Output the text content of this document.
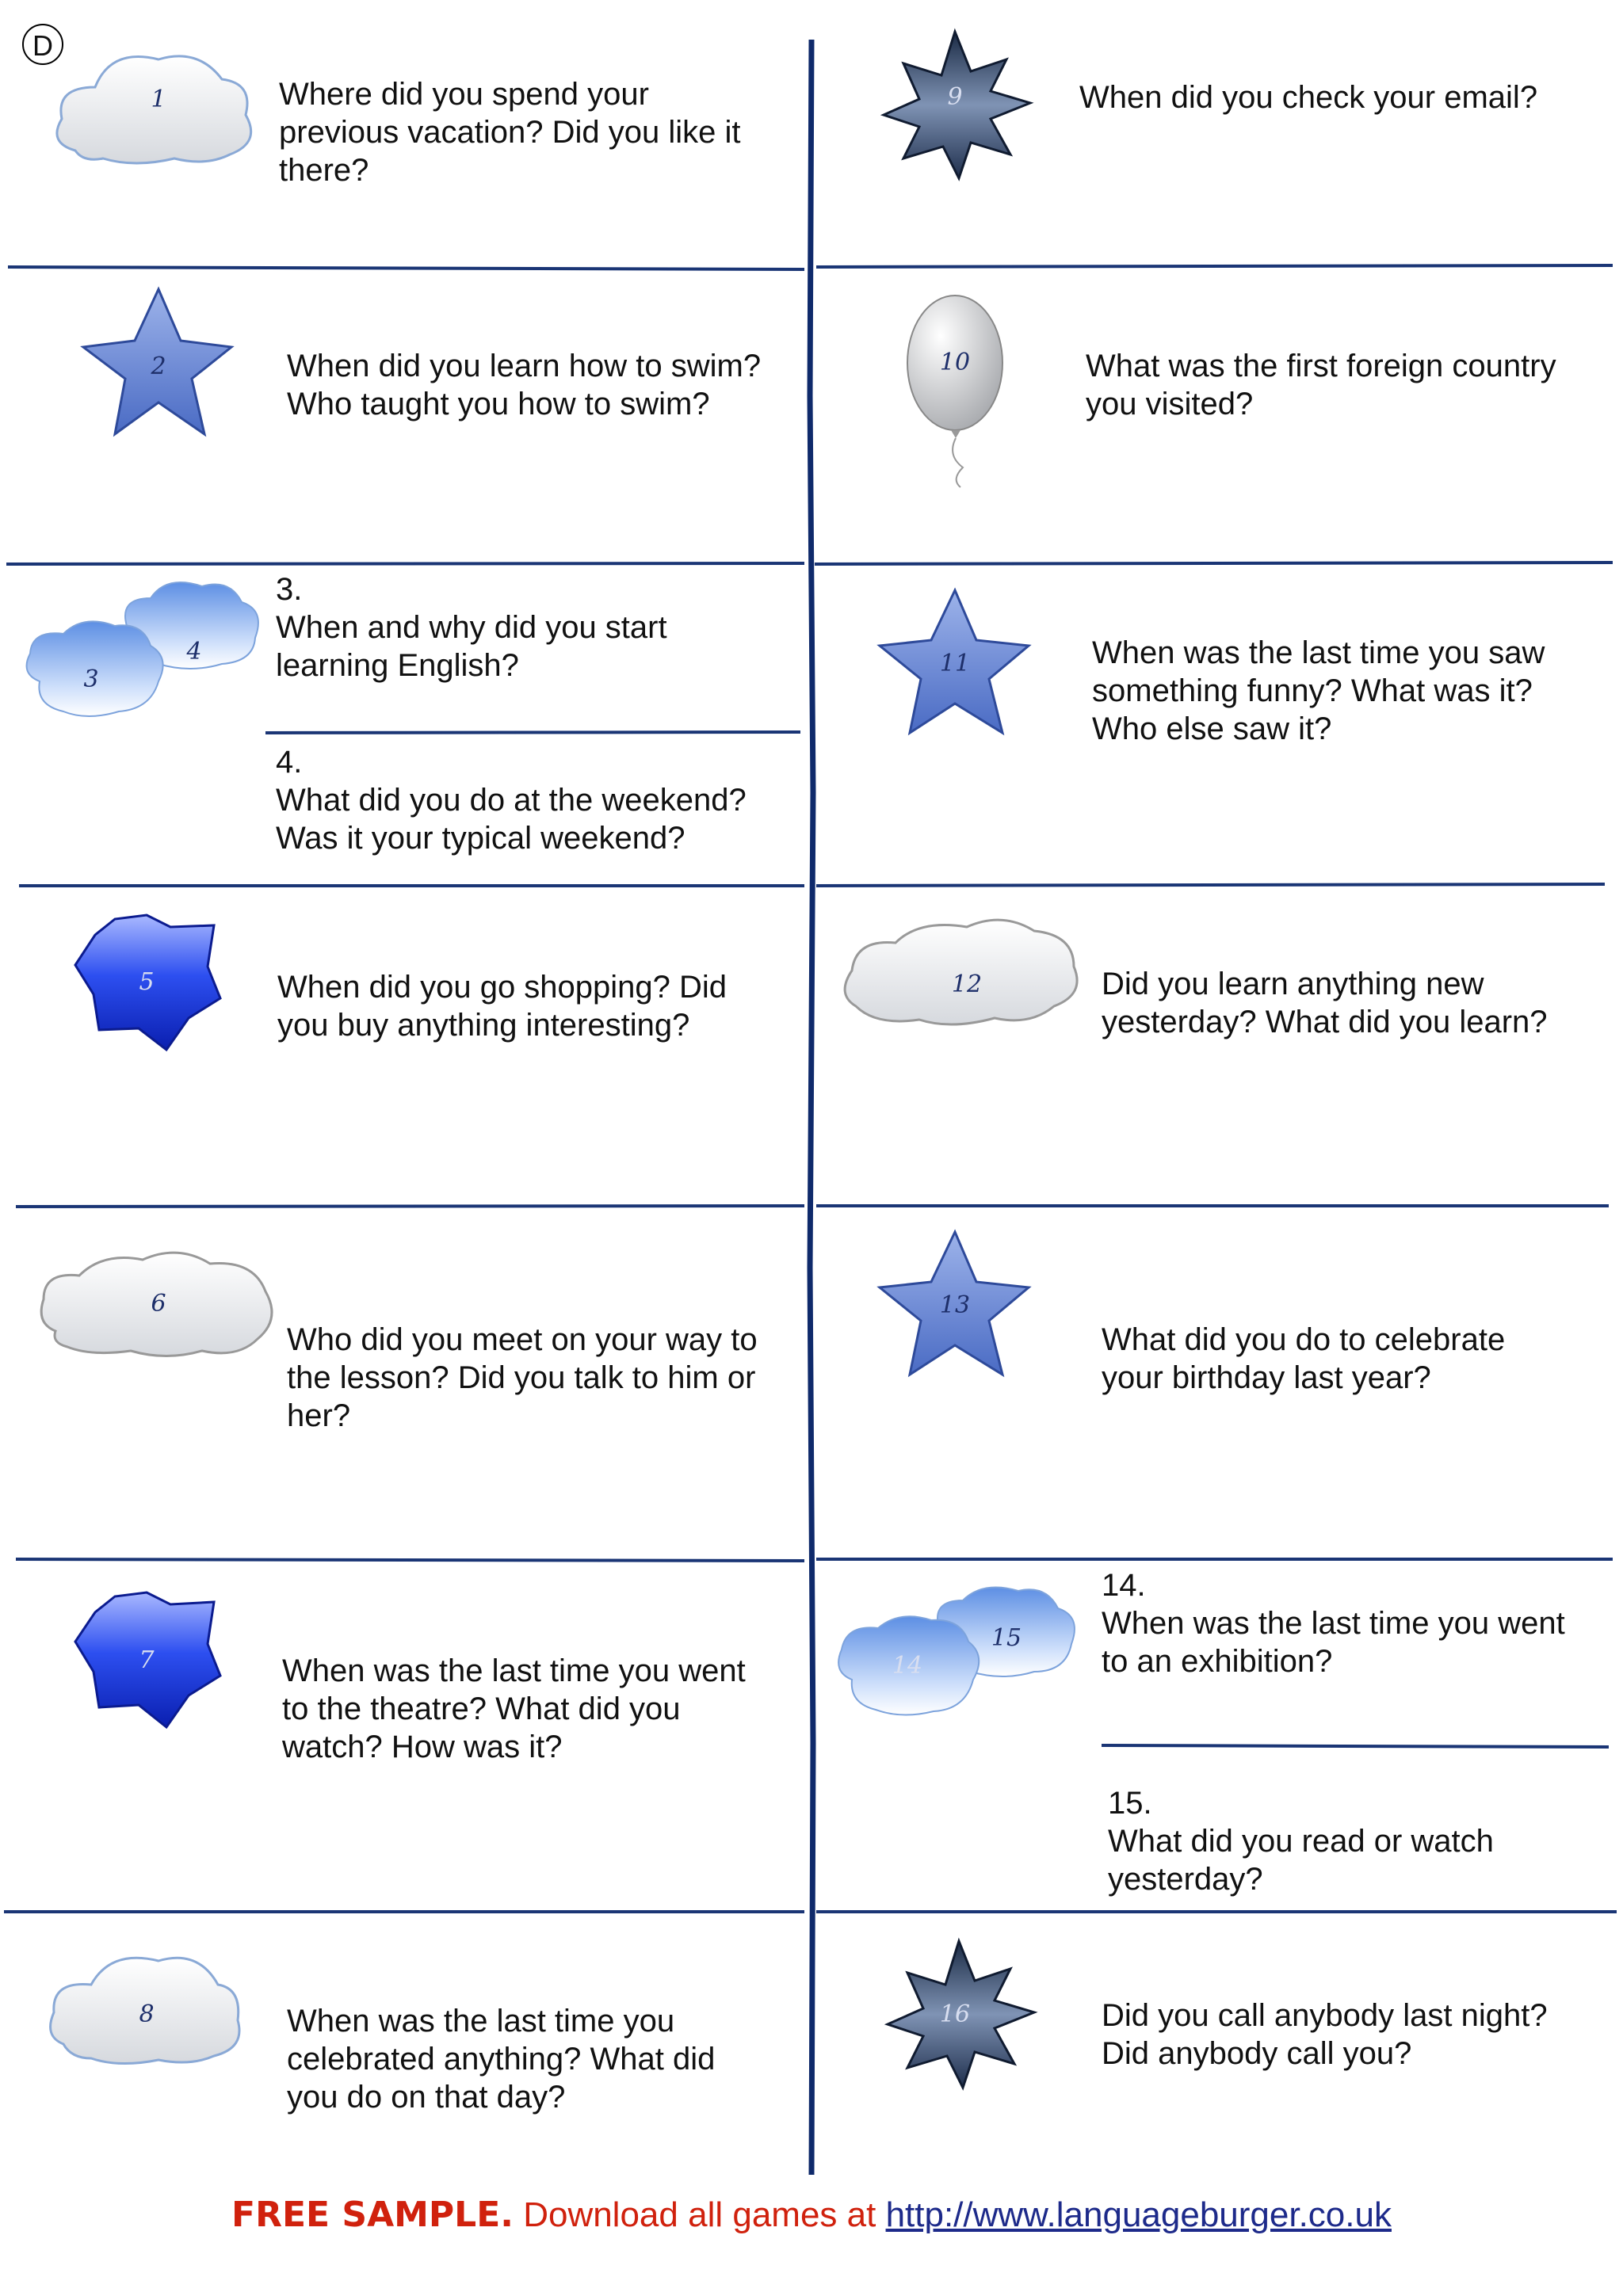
D
1
2
3
4
5
6
7
8
9
10
11
12
13
14
15
16
Where did you spend your
previous vacation? Did you like it
there?
When did you learn how to swim?
Who taught you how to swim?
3.
When and why did you start
learning English?
4.
What did you do at the weekend?
Was it your typical weekend?
When did you go shopping? Did
you buy anything interesting?
Who did you meet on your way to
the lesson? Did you talk to him or
her?
When was the last time you went
to the theatre? What did you
watch? How was it?
When was the last time you
celebrated anything? What did
you do on that day?
When did you check your email?
What was the first foreign country
you visited?
When was the last time you saw
something funny? What was it?
Who else saw it?
Did you learn anything new
yesterday? What did you learn?
What did you do to celebrate
your birthday last year?
14.
When was the last time you went
to an exhibition?
15.
What did you read or watch
yesterday?
Did you call anybody last night?
Did anybody call you?
FREE SAMPLE. Download all games at http://www.languageburger.co.uk
